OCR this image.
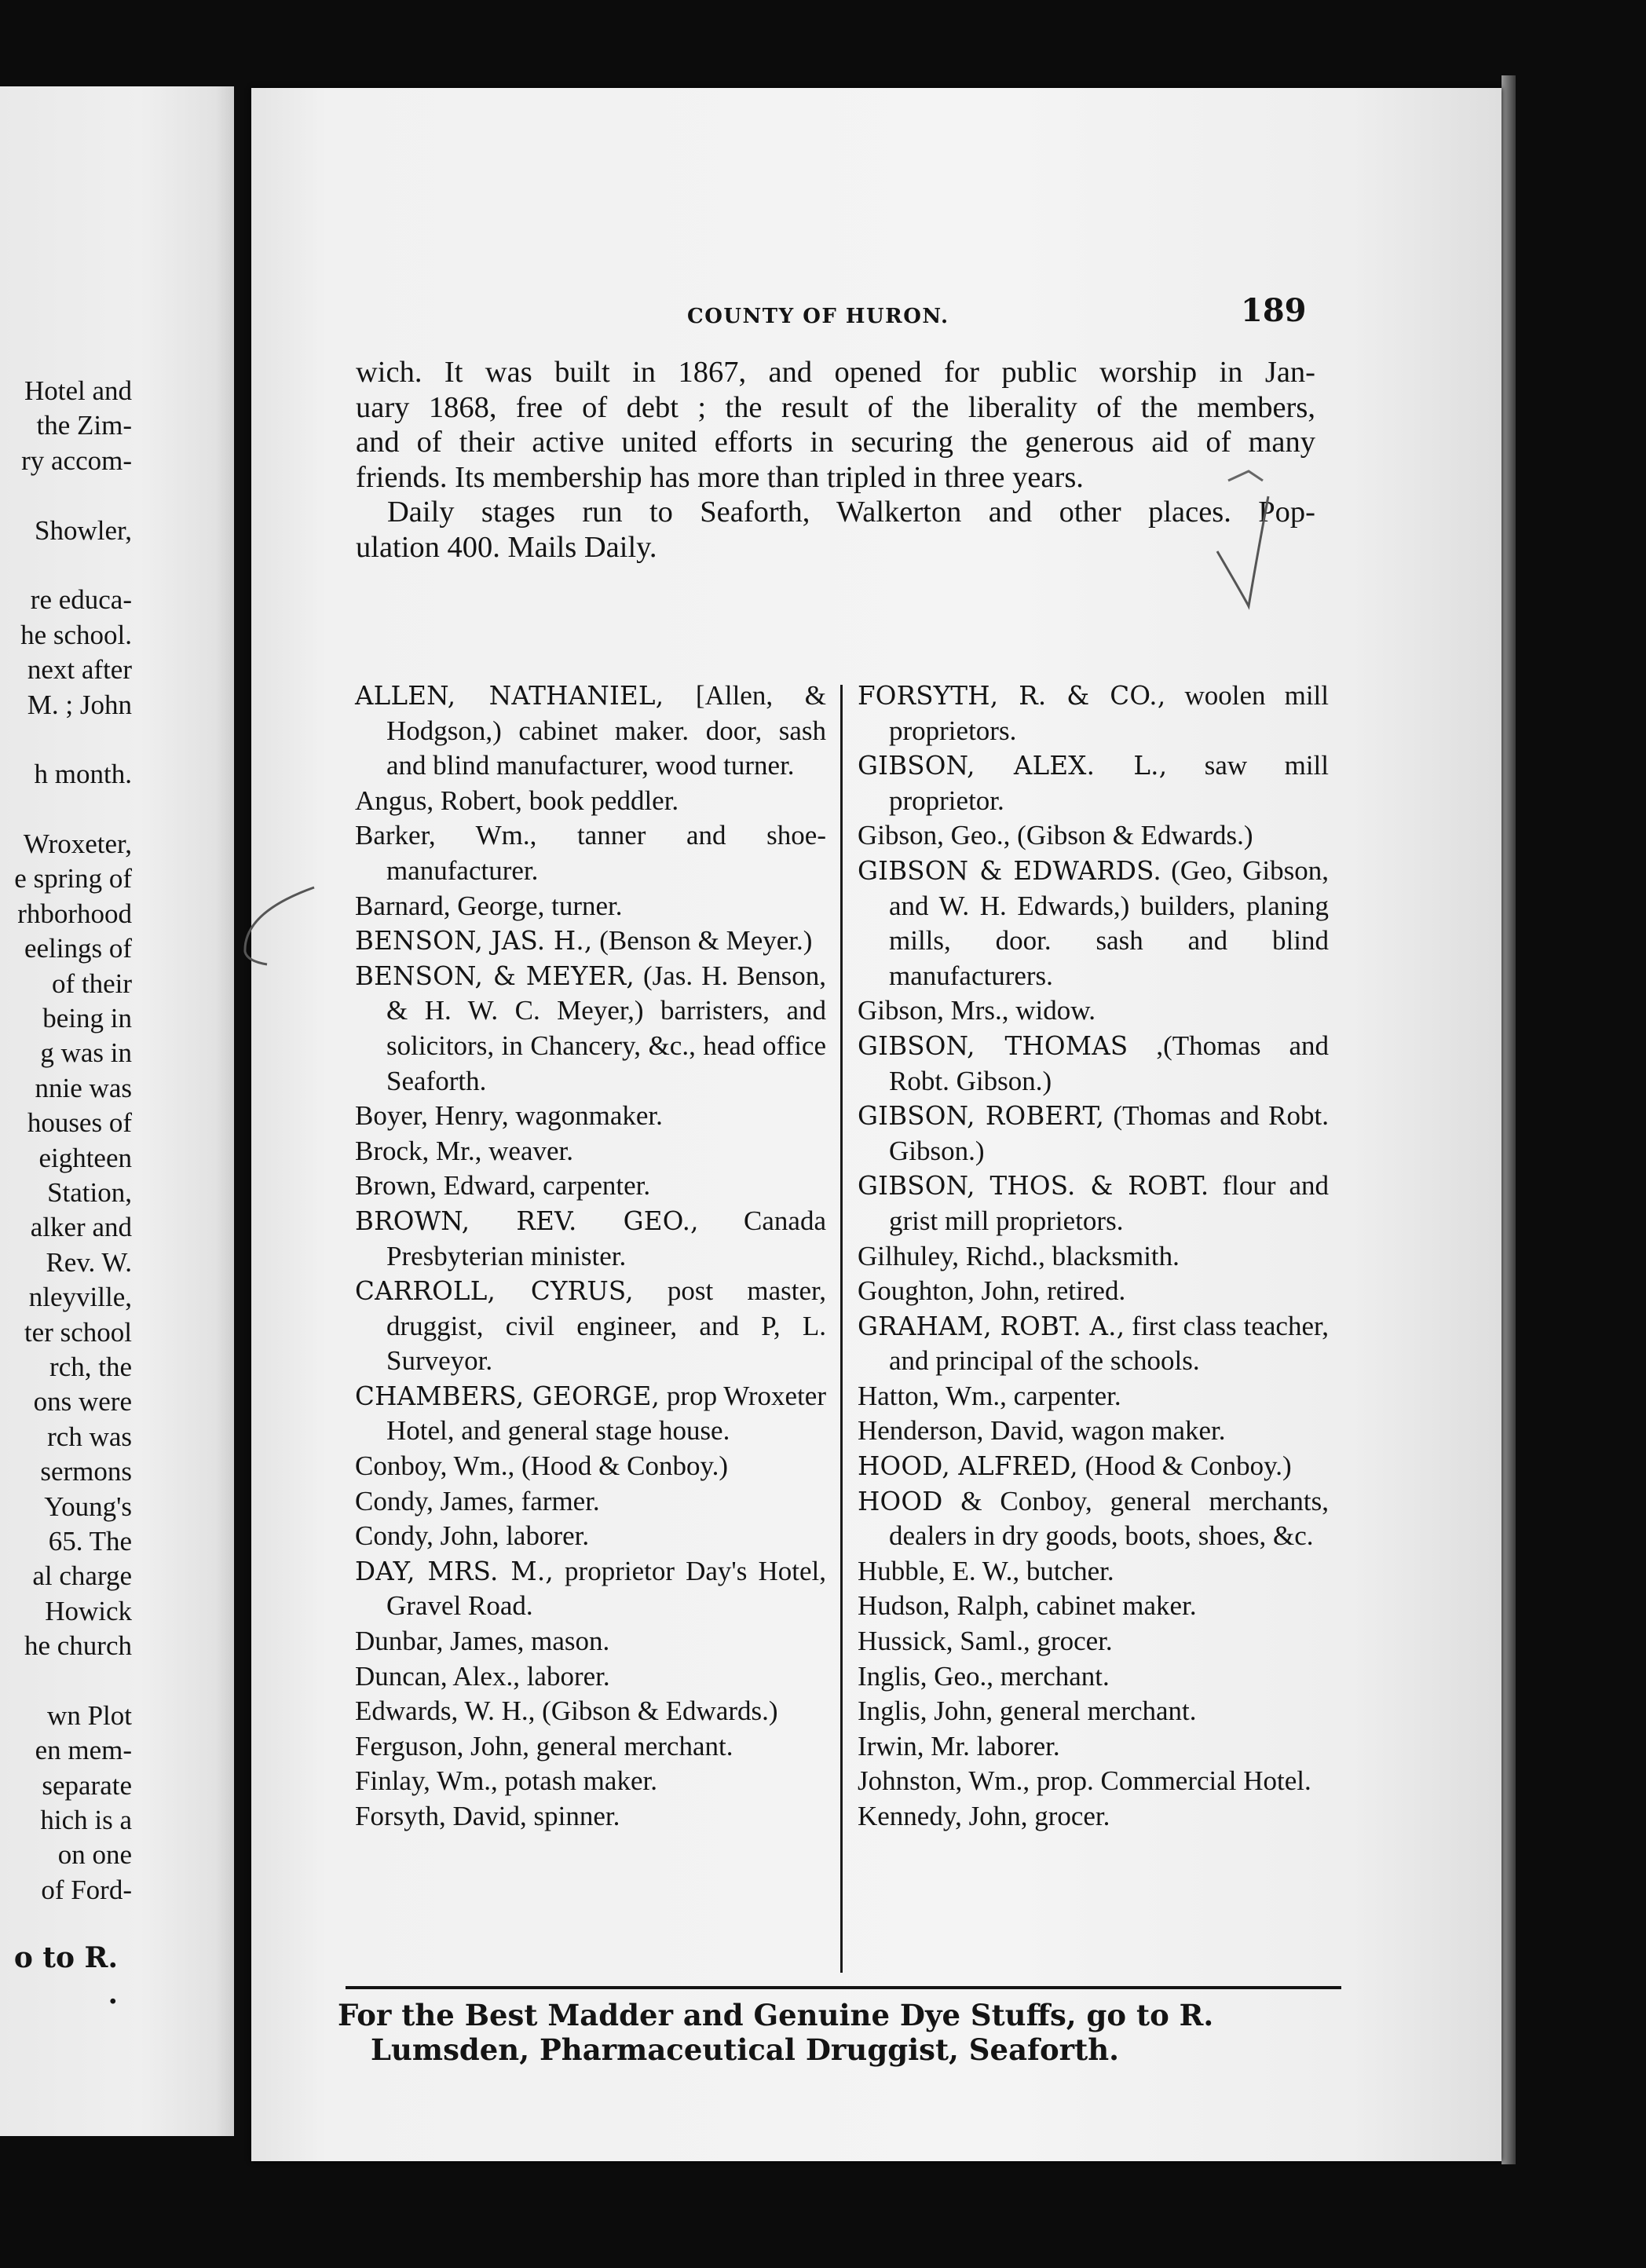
Hotel and
the Zim-
ry accom-
Showler,
re educa-
he school.
next after
M. ; John
h month.
Wroxeter,
e spring of
rhborhood
eelings of
of their
being in
g was in
nnie was
houses of
eighteen
Station,
alker and
Rev. W.
nleyville,
ter school
rch, the
ons were
rch was
sermons
Young's
65. The
al charge
Howick
he church
wn Plot
en mem-
separate
hich is a
on one
of Ford-
o to R.
.
COUNTY OF HURON.	189
wich. It was built in 1867, and opened for public worship in Jan-
uary 1868, free of debt ; the result of the liberality of the members,
and of their active united efforts in securing the generous aid of many
friends. Its membership has more than tripled in three years.
Daily stages run to Seaforth, Walkerton and other places. Pop-
ulation 400. Mails Daily.
ALLEN, NATHANIEL, [Allen, & Hodgson,) cabinet maker. door, sash and blind manufacturer, wood turner.
Angus, Robert, book peddler.
Barker, Wm., tanner and shoe-manufacturer.
Barnard, George, turner.
BENSON, JAS. H., (Benson & Meyer.)
BENSON, & MEYER, (Jas. H. Benson, & H. W. C. Meyer,) barristers, and solicitors, in Chancery, &c., head office Seaforth.
Boyer, Henry, wagonmaker.
Brock, Mr., weaver.
Brown, Edward, carpenter.
BROWN, REV. GEO., Canada Presbyterian minister.
CARROLL, CYRUS, post master, druggist, civil engineer, and P, L. Surveyor.
CHAMBERS, GEORGE, prop Wroxeter Hotel, and general stage house.
Conboy, Wm., (Hood & Conboy.)
Condy, James, farmer.
Condy, John, laborer.
DAY, MRS. M., proprietor Day's Hotel, Gravel Road.
Dunbar, James, mason.
Duncan, Alex., laborer.
Edwards, W. H., (Gibson & Edwards.)
Ferguson, John, general merchant.
Finlay, Wm., potash maker.
Forsyth, David, spinner.
FORSYTH, R. & CO., woolen mill proprietors.
GIBSON, ALEX. L., saw mill proprietor.
Gibson, Geo., (Gibson & Edwards.)
GIBSON & EDWARDS. (Geo, Gibson, and W. H. Edwards,) builders, planing mills, door. sash and blind manufacturers.
Gibson, Mrs., widow.
GIBSON, THOMAS ,(Thomas and Robt. Gibson.)
GIBSON, ROBERT, (Thomas and Robt. Gibson.)
GIBSON, THOS. & ROBT. flour and grist mill proprietors.
Gilhuley, Richd., blacksmith.
Goughton, John, retired.
GRAHAM, ROBT. A., first class teacher, and principal of the schools.
Hatton, Wm., carpenter.
Henderson, David, wagon maker.
HOOD, ALFRED, (Hood & Conboy.)
HOOD & Conboy, general merchants, dealers in dry goods, boots, shoes, &c.
Hubble, E. W., butcher.
Hudson, Ralph, cabinet maker.
Hussick, Saml., grocer.
Inglis, Geo., merchant.
Inglis, John, general merchant.
Irwin, Mr. laborer.
Johnston, Wm., prop. Commercial Hotel.
Kennedy, John, grocer.
For the Best Madder and Genuine Dye Stuffs, go to R.
Lumsden, Pharmaceutical Druggist, Seaforth.
